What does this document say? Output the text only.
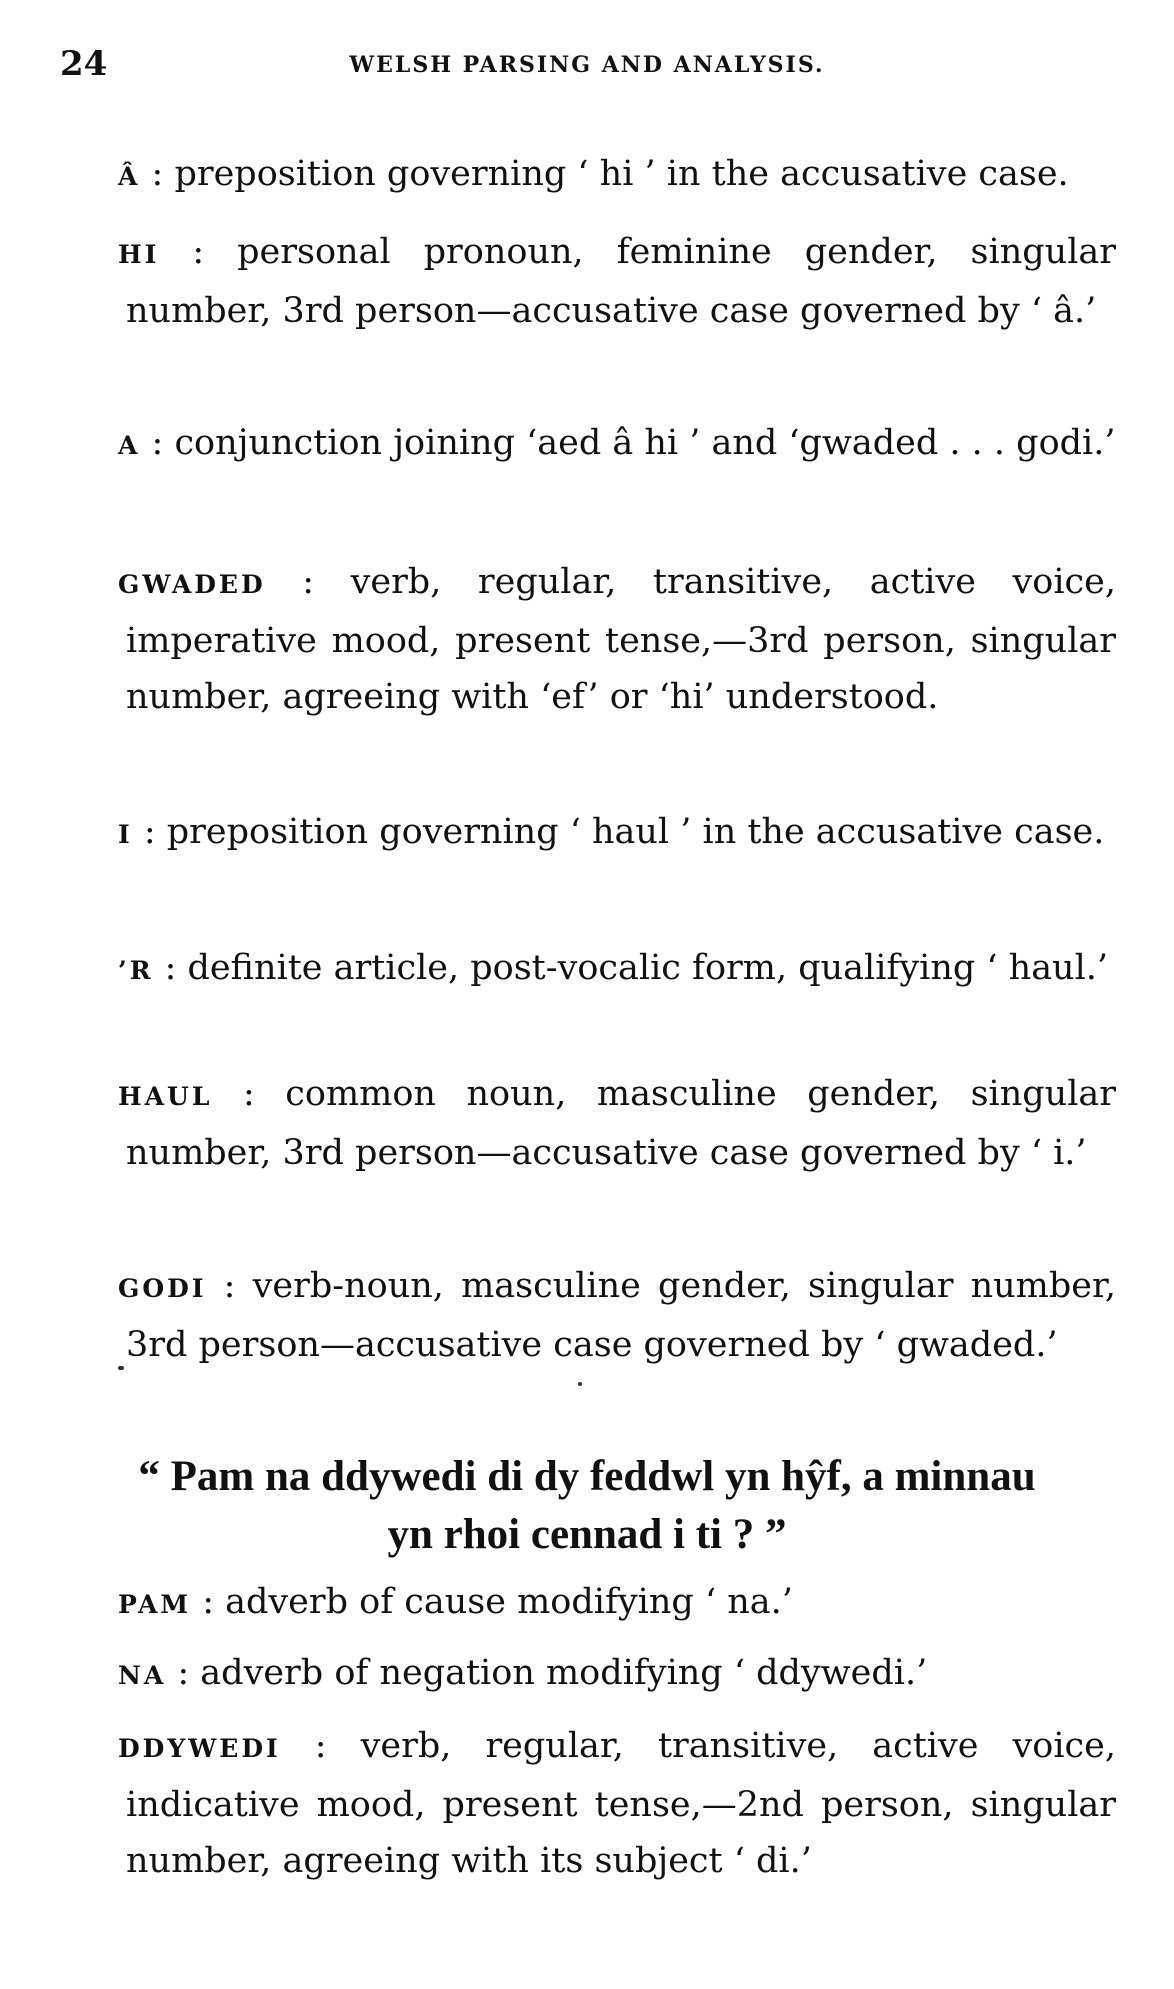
24	WELSH PARSING AND ANALYSIS.
Â : preposition governing ‘ hi ’ in the accusative case.
HI : personal pronoun, feminine gender, singular number, 3rd person—accusative case governed by ‘ â.’
A : conjunction joining ‘aed â hi ’ and ‘gwaded . . . godi.’
GWADED : verb, regular, transitive, active voice, imperative mood, present tense,—3rd person, singular number, agreeing with ‘ef’ or ‘hi’ understood.
I : preposition governing ‘ haul ’ in the accusative case.
’R : definite article, post-vocalic form, qualifying ‘ haul.’
HAUL : common noun, masculine gender, singular number, 3rd person—accusative case governed by ‘ i.’
GODI : verb-noun, masculine gender, singular number, 3rd person—accusative case governed by ‘ gwaded.’
“ Pam na ddywedi di dy feddwl yn hŷf, a minnau
yn rhoi cennad i ti ? ”
PAM : adverb of cause modifying ‘ na.’
NA : adverb of negation modifying ‘ ddywedi.’
DDYWEDI : verb, regular, transitive, active voice, indicative mood, present tense,—2nd person, singular number, agreeing with its subject ‘ di.’
